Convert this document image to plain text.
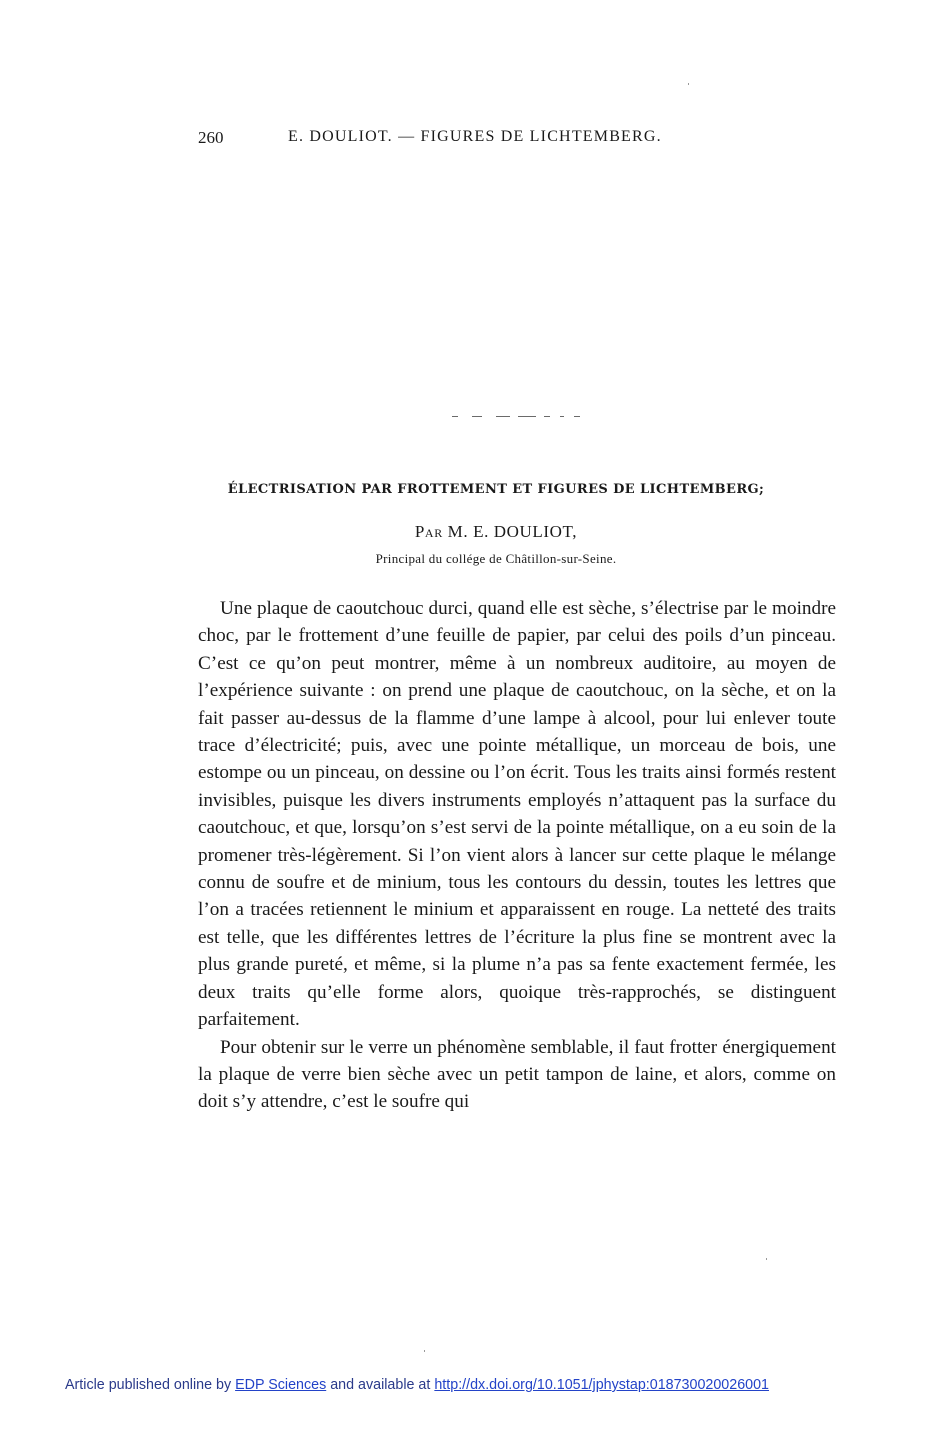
260	E. DOULIOT. — FIGURES DE LICHTEMBERG.
ÉLECTRISATION PAR FROTTEMENT ET FIGURES DE LICHTEMBERG;
Par M. E. DOULIOT,
Principal du collége de Châtillon-sur-Seine.

Une plaque de caoutchouc durci, quand elle est sèche, s’électrise par le moindre choc, par le frottement d’une feuille de papier, par celui des poils d’un pinceau. C’est ce qu’on peut montrer, même à un nombreux auditoire, au moyen de l’expérience suivante : on prend une plaque de caoutchouc, on la sèche, et on la fait passer au-dessus de la flamme d’une lampe à alcool, pour lui enlever toute trace d’électricité; puis, avec une pointe métallique, un morceau de bois, une estompe ou un pinceau, on dessine ou l’on écrit. Tous les traits ainsi formés restent invisibles, puisque les divers instruments employés n’attaquent pas la surface du caoutchouc, et que, lorsqu’on s’est servi de la pointe métallique, on a eu soin de la promener très-légèrement. Si l’on vient alors à lancer sur cette plaque le mélange connu de soufre et de minium, tous les contours du dessin, toutes les lettres que l’on a tracées retiennent le minium et apparaissent en rouge. La netteté des traits est telle, que les différentes lettres de l’écriture la plus fine se montrent avec la plus grande pureté, et même, si la plume n’a pas sa fente exactement fermée, les deux traits qu’elle forme alors, quoique très-rapprochés, se distinguent parfaitement.

Pour obtenir sur le verre un phénomène semblable, il faut frotter énergiquement la plaque de verre bien sèche avec un petit tampon de laine, et alors, comme on doit s’y attendre, c’est le soufre qui

Article published online by EDP Sciences and available at http://dx.doi.org/10.1051/jphystap:018730020026001
